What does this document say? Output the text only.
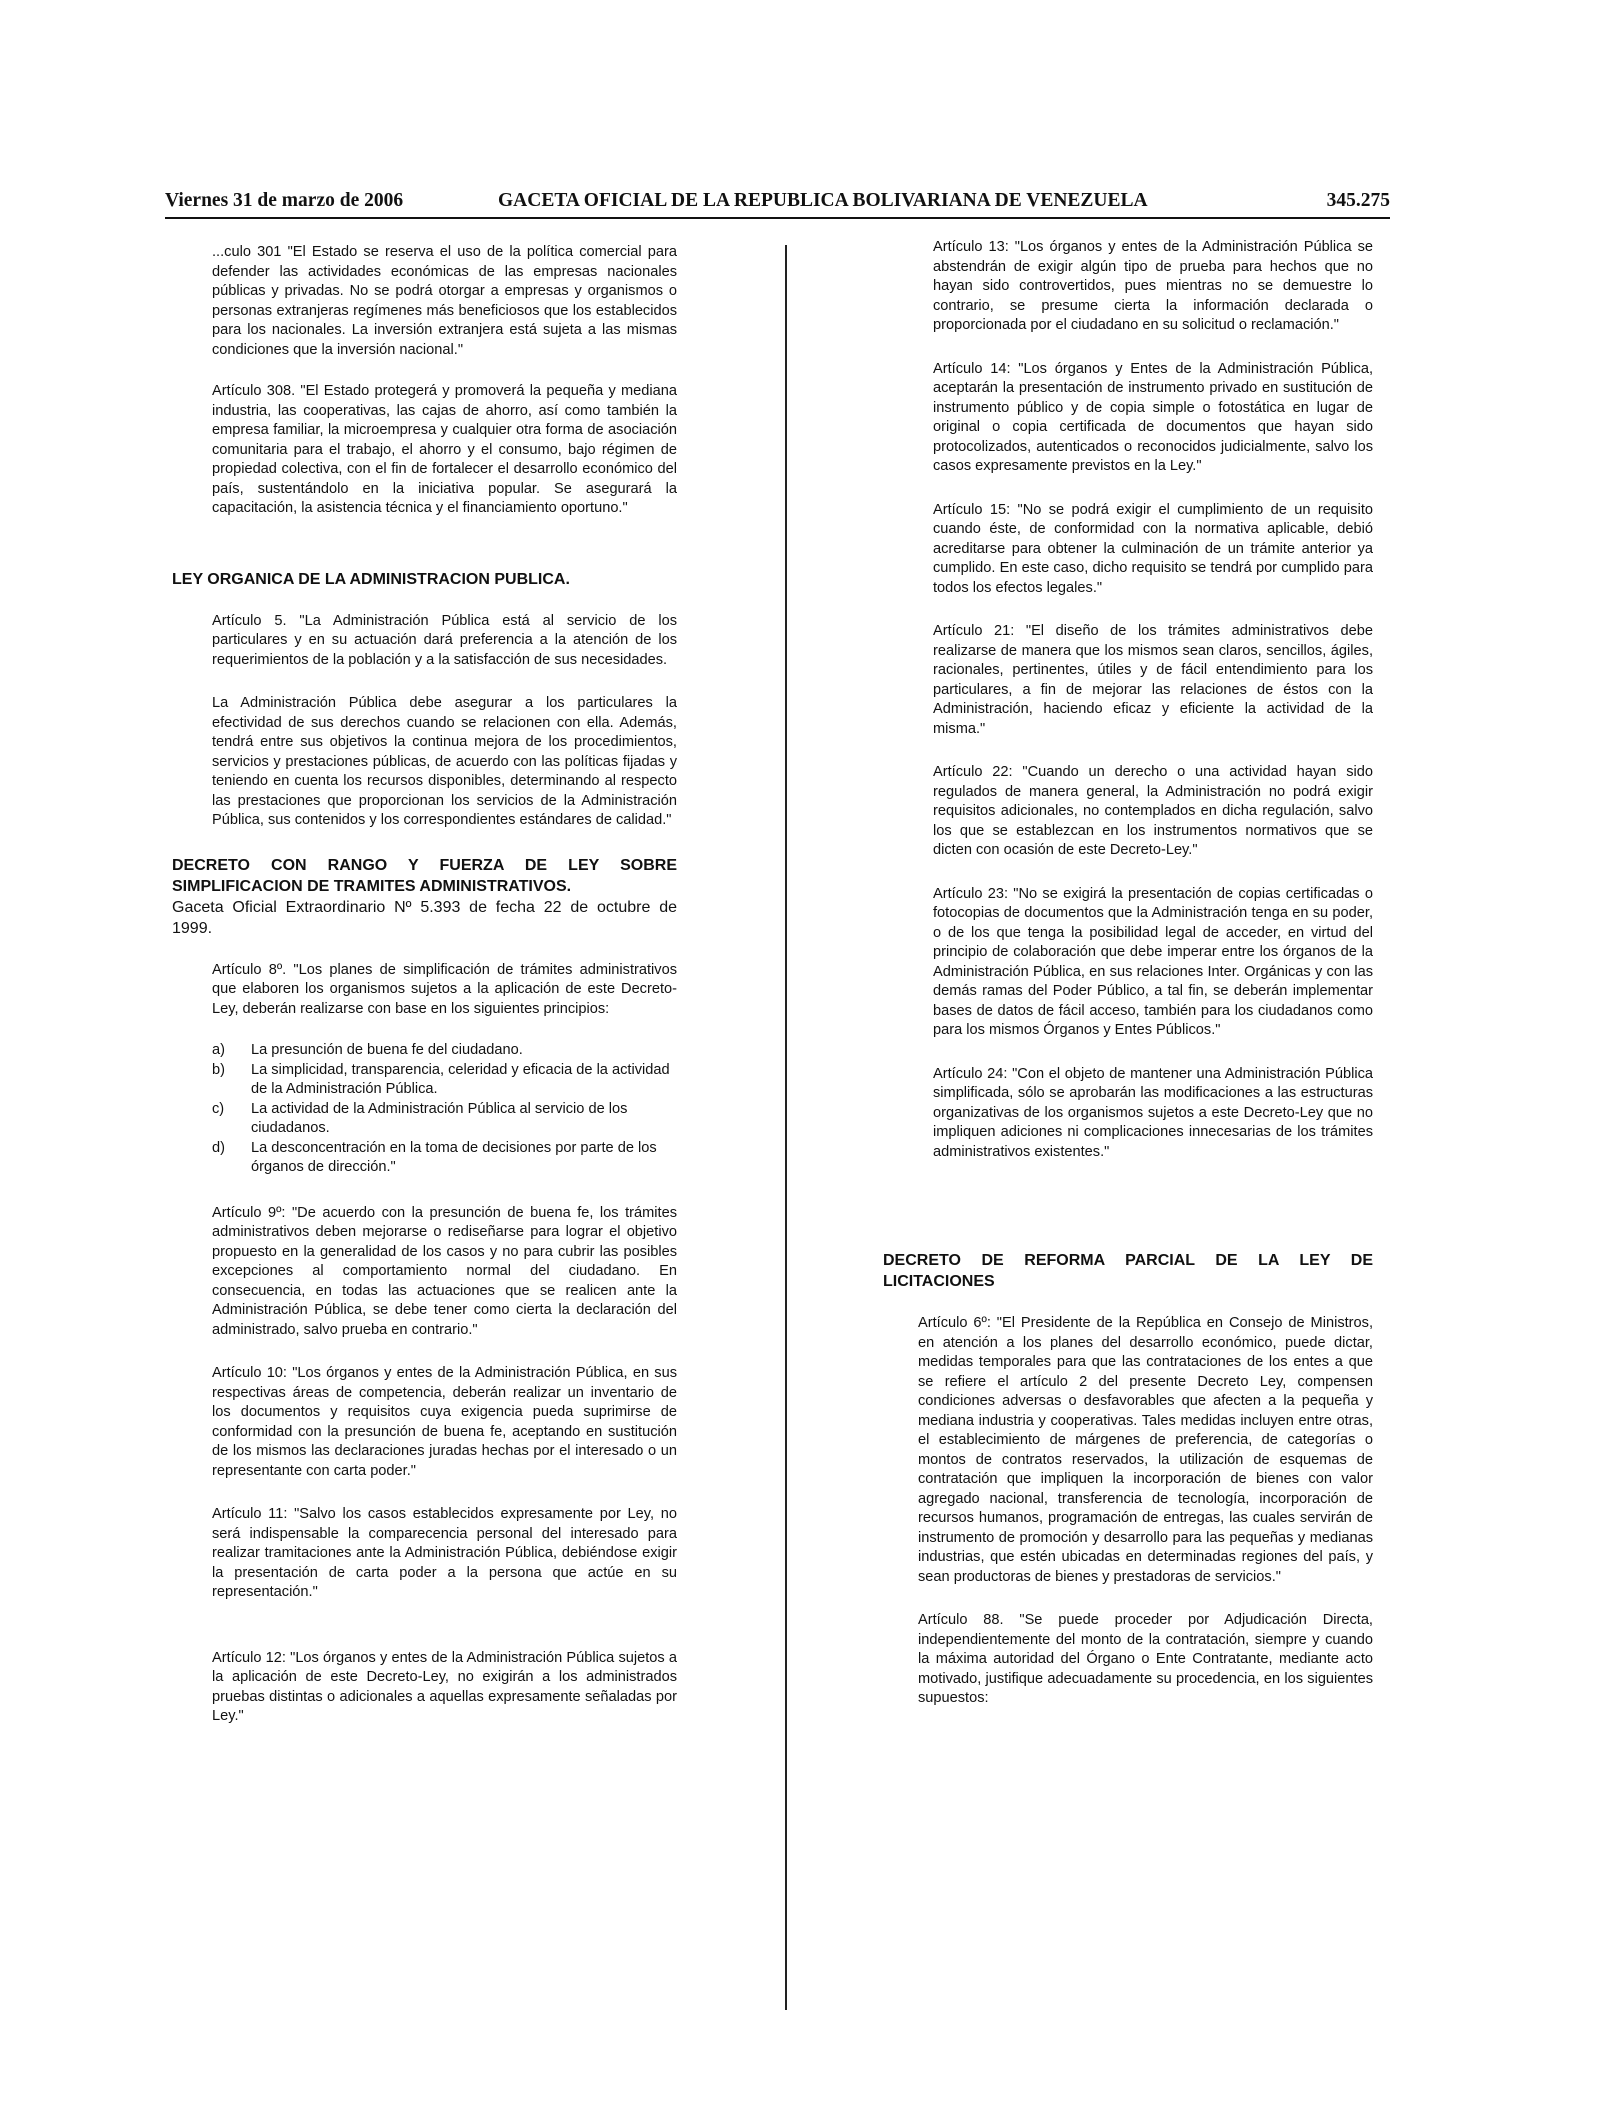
Viernes 31 de marzo de 2006	GACETA OFICIAL DE LA REPUBLICA BOLIVARIANA DE VENEZUELA	345.275

...culo 301 "El Estado se reserva el uso de la política comercial para defender las actividades económicas de las empresas nacionales públicas y privadas. No se podrá otorgar a empresas y organismos o personas extranjeras regímenes más beneficiosos que los establecidos para los nacionales. La inversión extranjera está sujeta a las mismas condiciones que la inversión nacional."

Artículo 308. "El Estado protegerá y promoverá la pequeña y mediana industria, las cooperativas, las cajas de ahorro, así como también la empresa familiar, la microempresa y cualquier otra forma de asociación comunitaria para el trabajo, el ahorro y el consumo, bajo régimen de propiedad colectiva, con el fin de fortalecer el desarrollo económico del país, sustentándolo en la iniciativa popular. Se asegurará la capacitación, la asistencia técnica y el financiamiento oportuno."

LEY ORGANICA DE LA ADMINISTRACION PUBLICA.

Artículo 5. "La Administración Pública está al servicio de los particulares y en su actuación dará preferencia a la atención de los requerimientos de la población y a la satisfacción de sus necesidades.

La Administración Pública debe asegurar a los particulares la efectividad de sus derechos cuando se relacionen con ella. Además, tendrá entre sus objetivos la continua mejora de los procedimientos, servicios y prestaciones públicas, de acuerdo con las políticas fijadas y teniendo en cuenta los recursos disponibles, determinando al respecto las prestaciones que proporcionan los servicios de la Administración Pública, sus contenidos y los correspondientes estándares de calidad."

DECRETO CON RANGO Y FUERZA DE LEY SOBRE SIMPLIFICACION DE TRAMITES ADMINISTRATIVOS.

Gaceta Oficial Extraordinario Nº 5.393 de fecha 22 de octubre de 1999.

Artículo 8º. "Los planes de simplificación de trámites administrativos que elaboren los organismos sujetos a la aplicación de este Decreto-Ley, deberán realizarse con base en los siguientes principios:

a) La presunción de buena fe del ciudadano.
b) La simplicidad, transparencia, celeridad y eficacia de la actividad de la Administración Pública.
c) La actividad de la Administración Pública al servicio de los ciudadanos.
d) La desconcentración en la toma de decisiones por parte de los órganos de dirección."

Artículo 9º: "De acuerdo con la presunción de buena fe, los trámites administrativos deben mejorarse o rediseñarse para lograr el objetivo propuesto en la generalidad de los casos y no para cubrir las posibles excepciones al comportamiento normal del ciudadano. En consecuencia, en todas las actuaciones que se realicen ante la Administración Pública, se debe tener como cierta la declaración del administrado, salvo prueba en contrario."

Artículo 10: "Los órganos y entes de la Administración Pública, en sus respectivas áreas de competencia, deberán realizar un inventario de los documentos y requisitos cuya exigencia pueda suprimirse de conformidad con la presunción de buena fe, aceptando en sustitución de los mismos las declaraciones juradas hechas por el interesado o un representante con carta poder."

Artículo 11: "Salvo los casos establecidos expresamente por Ley, no será indispensable la comparecencia personal del interesado para realizar tramitaciones ante la Administración Pública, debiéndose exigir la presentación de carta poder a la persona que actúe en su representación."

Artículo 12: "Los órganos y entes de la Administración Pública sujetos a la aplicación de este Decreto-Ley, no exigirán a los administrados pruebas distintas o adicionales a aquellas expresamente señaladas por Ley."

Artículo 13: "Los órganos y entes de la Administración Pública se abstendrán de exigir algún tipo de prueba para hechos que no hayan sido controvertidos, pues mientras no se demuestre lo contrario, se presume cierta la información declarada o proporcionada por el ciudadano en su solicitud o reclamación."

Artículo 14: "Los órganos y Entes de la Administración Pública, aceptarán la presentación de instrumento privado en sustitución de instrumento público y de copia simple o fotostática en lugar de original o copia certificada de documentos que hayan sido protocolizados, autenticados o reconocidos judicialmente, salvo los casos expresamente previstos en la Ley."

Artículo 15: "No se podrá exigir el cumplimiento de un requisito cuando éste, de conformidad con la normativa aplicable, debió acreditarse para obtener la culminación de un trámite anterior ya cumplido. En este caso, dicho requisito se tendrá por cumplido para todos los efectos legales."

Artículo 21: "El diseño de los trámites administrativos debe realizarse de manera que los mismos sean claros, sencillos, ágiles, racionales, pertinentes, útiles y de fácil entendimiento para los particulares, a fin de mejorar las relaciones de éstos con la Administración, haciendo eficaz y eficiente la actividad de la misma."

Artículo 22: "Cuando un derecho o una actividad hayan sido regulados de manera general, la Administración no podrá exigir requisitos adicionales, no contemplados en dicha regulación, salvo los que se establezcan en los instrumentos normativos que se dicten con ocasión de este Decreto-Ley."

Artículo 23: "No se exigirá la presentación de copias certificadas o fotocopias de documentos que la Administración tenga en su poder, o de los que tenga la posibilidad legal de acceder, en virtud del principio de colaboración que debe imperar entre los órganos de la Administración Pública, en sus relaciones Inter. Orgánicas y con las demás ramas del Poder Público, a tal fin, se deberán implementar bases de datos de fácil acceso, también para los ciudadanos como para los mismos Órganos y Entes Públicos."

Artículo 24: "Con el objeto de mantener una Administración Pública simplificada, sólo se aprobarán las modificaciones a las estructuras organizativas de los organismos sujetos a este Decreto-Ley que no impliquen adiciones ni complicaciones innecesarias de los trámites administrativos existentes."

DECRETO DE REFORMA PARCIAL DE LA LEY DE LICITACIONES

Artículo 6º: "El Presidente de la República en Consejo de Ministros, en atención a los planes del desarrollo económico, puede dictar, medidas temporales para que las contrataciones de los entes a que se refiere el artículo 2 del presente Decreto Ley, compensen condiciones adversas o desfavorables que afecten a la pequeña y mediana industria y cooperativas. Tales medidas incluyen entre otras, el establecimiento de márgenes de preferencia, de categorías o montos de contratos reservados, la utilización de esquemas de contratación que impliquen la incorporación de bienes con valor agregado nacional, transferencia de tecnología, incorporación de recursos humanos, programación de entregas, las cuales servirán de instrumento de promoción y desarrollo para las pequeñas y medianas industrias, que estén ubicadas en determinadas regiones del país, y sean productoras de bienes y prestadoras de servicios."

Artículo 88. "Se puede proceder por Adjudicación Directa, independientemente del monto de la contratación, siempre y cuando la máxima autoridad del Órgano o Ente Contratante, mediante acto motivado, justifique adecuadamente su procedencia, en los siguientes supuestos:
